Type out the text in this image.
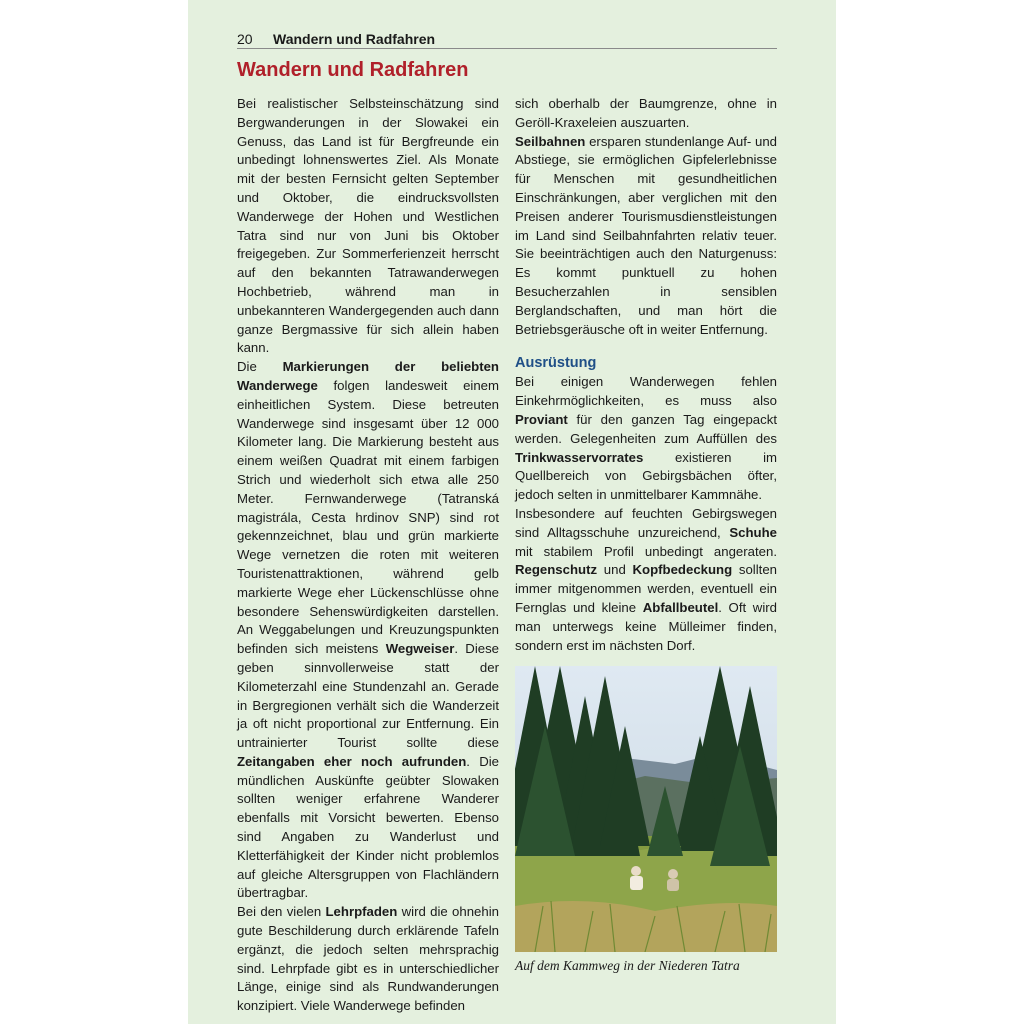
20 Wandern und Radfahren
Wandern und Radfahren

Bei realistischer Selbsteinschätzung sind Bergwanderungen in der Slowakei ein Genuss, das Land ist für Bergfreunde ein unbedingt lohnenswertes Ziel. Als Monate mit der besten Fernsicht gelten September und Oktober, die eindrucksvollsten Wanderwege der Hohen und Westlichen Tatra sind nur von Juni bis Oktober freigegeben. Zur Sommerferienzeit herrscht auf den bekannten Tatrawanderwegen Hochbetrieb, während man in unbekannteren Wandergegenden auch dann ganze Bergmassive für sich allein haben kann.

Die Markierungen der beliebten Wanderwege folgen landesweit einem einheitlichen System. Diese betreuten Wanderwege sind insgesamt über 12 000 Kilometer lang. Die Markierung besteht aus einem weißen Quadrat mit einem farbigen Strich und wiederholt sich etwa alle 250 Meter. Fernwanderwege (Tatranská magistrála, Cesta hrdinov SNP) sind rot gekennzeichnet, blau und grün markierte Wege vernetzen die roten mit weiteren Touristenattraktionen, während gelb markierte Wege eher Lückenschlüsse ohne besondere Sehenswürdigkeiten darstellen. An Weggabelungen und Kreuzungspunkten befinden sich meistens Wegweiser. Diese geben sinnvollerweise statt der Kilometerzahl eine Stundenzahl an. Gerade in Bergregionen verhält sich die Wanderzeit ja oft nicht proportional zur Entfernung. Ein untrainierter Tourist sollte diese Zeitangaben eher noch aufrunden. Die mündlichen Auskünfte geübter Slowaken sollten weniger erfahrene Wanderer ebenfalls mit Vorsicht bewerten. Ebenso sind Angaben zu Wanderlust und Kletterfähigkeit der Kinder nicht problemlos auf gleiche Altersgruppen von Flachländern übertragbar.

Bei den vielen Lehrpfaden wird die ohnehin gute Beschilderung durch erklärende Tafeln ergänzt, die jedoch selten mehrsprachig sind. Lehrpfade gibt es in unterschiedlicher Länge, einige sind als Rundwanderungen konzipiert. Viele Wanderwege befinden

sich oberhalb der Baumgrenze, ohne in Geröll-Kraxeleien auszuarten.

Seilbahnen ersparen stundenlange Auf- und Abstiege, sie ermöglichen Gipfelerlebnisse für Menschen mit gesundheitlichen Einschränkungen, aber verglichen mit den Preisen anderer Tourismusdienstleistungen im Land sind Seilbahnfahrten relativ teuer. Sie beeinträchtigen auch den Naturgenuss: Es kommt punktuell zu hohen Besucherzahlen in sensiblen Berglandschaften, und man hört die Betriebsgeräusche oft in weiter Entfernung.

Ausrüstung

Bei einigen Wanderwegen fehlen Einkehrmöglichkeiten, es muss also Proviant für den ganzen Tag eingepackt werden. Gelegenheiten zum Auffüllen des Trinkwasservorrates existieren im Quellbereich von Gebirgsbächen öfter, jedoch selten in unmittelbarer Kammnähe.

Insbesondere auf feuchten Gebirgswegen sind Alltagsschuhe unzureichend, Schuhe mit stabilem Profil unbedingt angeraten. Regenschutz und Kopfbedeckung sollten immer mitgenommen werden, eventuell ein Fernglas und kleine Abfallbeutel. Oft wird man unterwegs keine Mülleimer finden, sondern erst im nächsten Dorf.

Auf dem Kammweg in der Niederen Tatra
